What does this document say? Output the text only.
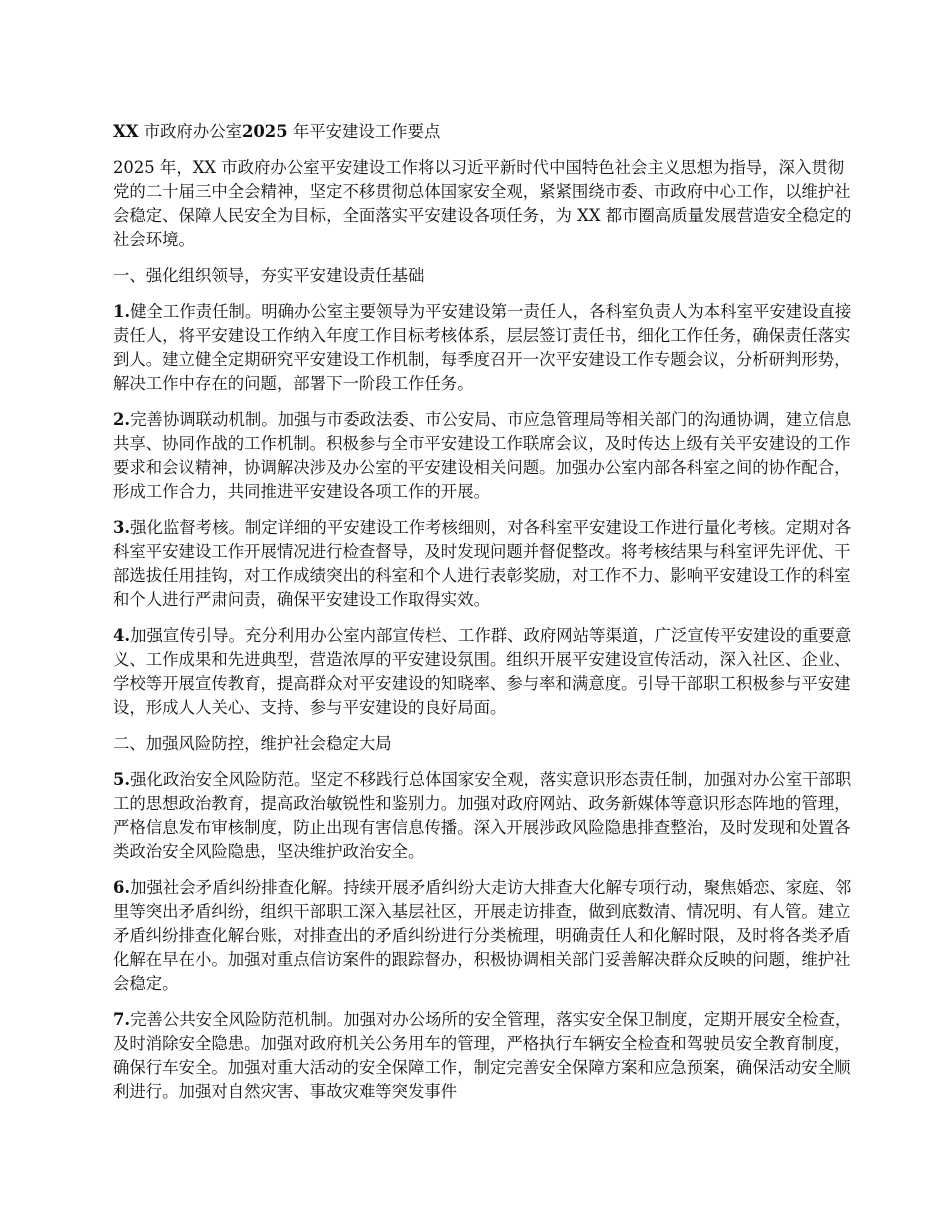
XX 市政府办公室2025 年平安建设工作要点
2025 年，XX 市政府办公室平安建设工作将以习近平新时代中国特色社会主义思想为指导，深入贯彻党的二十届三中全会精神，坚定不移贯彻总体国家安全观，紧紧围绕市委、市政府中心工作，以维护社会稳定、保障人民安全为目标，全面落实平安建设各项任务，为 XX 都市圈高质量发展营造安全稳定的社会环境。
一、强化组织领导，夯实平安建设责任基础
1.健全工作责任制。明确办公室主要领导为平安建设第一责任人，各科室负责人为本科室平安建设直接责任人，将平安建设工作纳入年度工作目标考核体系，层层签订责任书，细化工作任务，确保责任落实到人。建立健全定期研究平安建设工作机制，每季度召开一次平安建设工作专题会议，分析研判形势，解决工作中存在的问题，部署下一阶段工作任务。
2.完善协调联动机制。加强与市委政法委、市公安局、市应急管理局等相关部门的沟通协调，建立信息共享、协同作战的工作机制。积极参与全市平安建设工作联席会议，及时传达上级有关平安建设的工作要求和会议精神，协调解决涉及办公室的平安建设相关问题。加强办公室内部各科室之间的协作配合，形成工作合力，共同推进平安建设各项工作的开展。
3.强化监督考核。制定详细的平安建设工作考核细则，对各科室平安建设工作进行量化考核。定期对各科室平安建设工作开展情况进行检查督导，及时发现问题并督促整改。将考核结果与科室评先评优、干部选拔任用挂钩，对工作成绩突出的科室和个人进行表彰奖励，对工作不力、影响平安建设工作的科室和个人进行严肃问责，确保平安建设工作取得实效。
4.加强宣传引导。充分利用办公室内部宣传栏、工作群、政府网站等渠道，广泛宣传平安建设的重要意义、工作成果和先进典型，营造浓厚的平安建设氛围。组织开展平安建设宣传活动，深入社区、企业、学校等开展宣传教育，提高群众对平安建设的知晓率、参与率和满意度。引导干部职工积极参与平安建设，形成人人关心、支持、参与平安建设的良好局面。
二、加强风险防控，维护社会稳定大局
5.强化政治安全风险防范。坚定不移践行总体国家安全观，落实意识形态责任制，加强对办公室干部职工的思想政治教育，提高政治敏锐性和鉴别力。加强对政府网站、政务新媒体等意识形态阵地的管理，严格信息发布审核制度，防止出现有害信息传播。深入开展涉政风险隐患排查整治，及时发现和处置各类政治安全风险隐患，坚决维护政治安全。
6.加强社会矛盾纠纷排查化解。持续开展矛盾纠纷大走访大排查大化解专项行动，聚焦婚恋、家庭、邻里等突出矛盾纠纷，组织干部职工深入基层社区，开展走访排查，做到底数清、情况明、有人管。建立矛盾纠纷排查化解台账，对排查出的矛盾纠纷进行分类梳理，明确责任人和化解时限，及时将各类矛盾化解在早在小。加强对重点信访案件的跟踪督办，积极协调相关部门妥善解决群众反映的问题，维护社会稳定。
7.完善公共安全风险防范机制。加强对办公场所的安全管理，落实安全保卫制度，定期开展安全检查，及时消除安全隐患。加强对政府机关公务用车的管理，严格执行车辆安全检查和驾驶员安全教育制度，确保行车安全。加强对重大活动的安全保障工作，制定完善安全保障方案和应急预案，确保活动安全顺利进行。加强对自然灾害、事故灾难等突发事件
